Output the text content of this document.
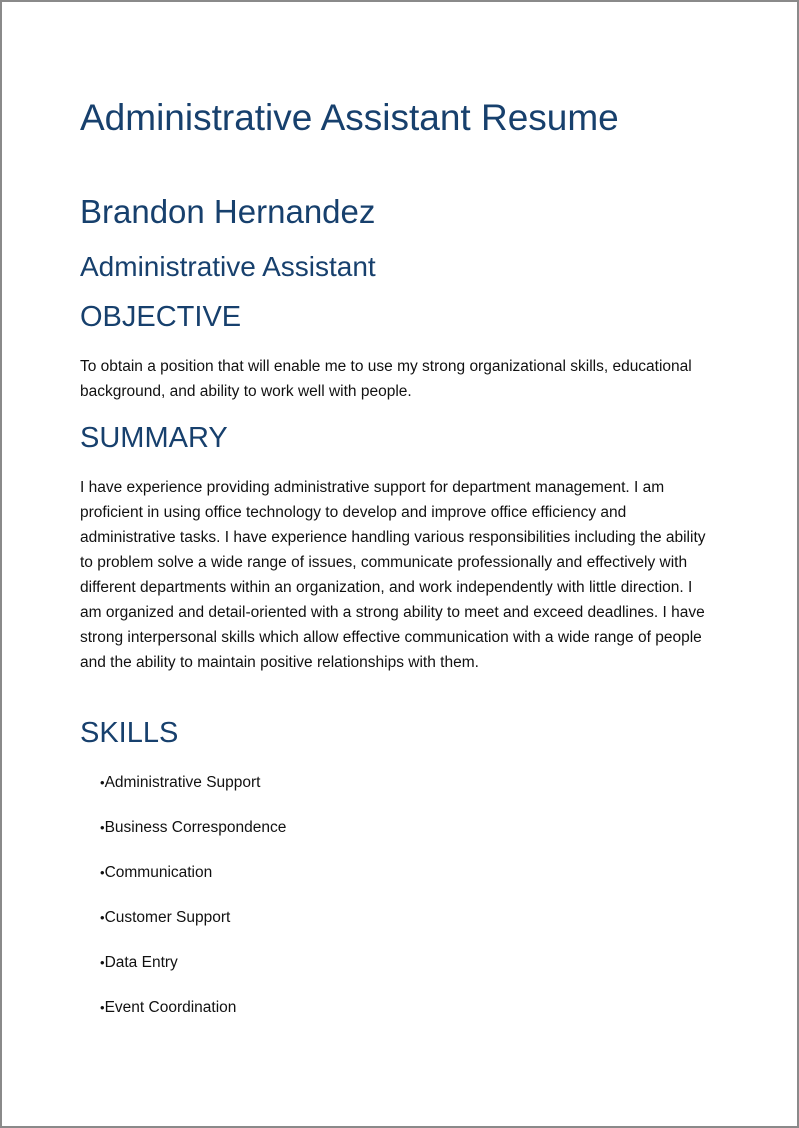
Administrative Assistant Resume
Brandon Hernandez
Administrative Assistant
OBJECTIVE

To obtain a position that will enable me to use my strong organizational skills, educational background, and ability to work well with people.

SUMMARY

I have experience providing administrative support for department management. I am proficient in using office technology to develop and improve office efficiency and administrative tasks. I have experience handling various responsibilities including the ability to problem solve a wide range of issues, communicate professionally and effectively with different departments within an organization, and work independently with little direction. I am organized and detail-oriented with a strong ability to meet and exceed deadlines. I have strong interpersonal skills which allow effective communication with a wide range of people and the ability to maintain positive relationships with them.

SKILLS
•Administrative Support
•Business Correspondence
•Communication
•Customer Support
•Data Entry
•Event Coordination
